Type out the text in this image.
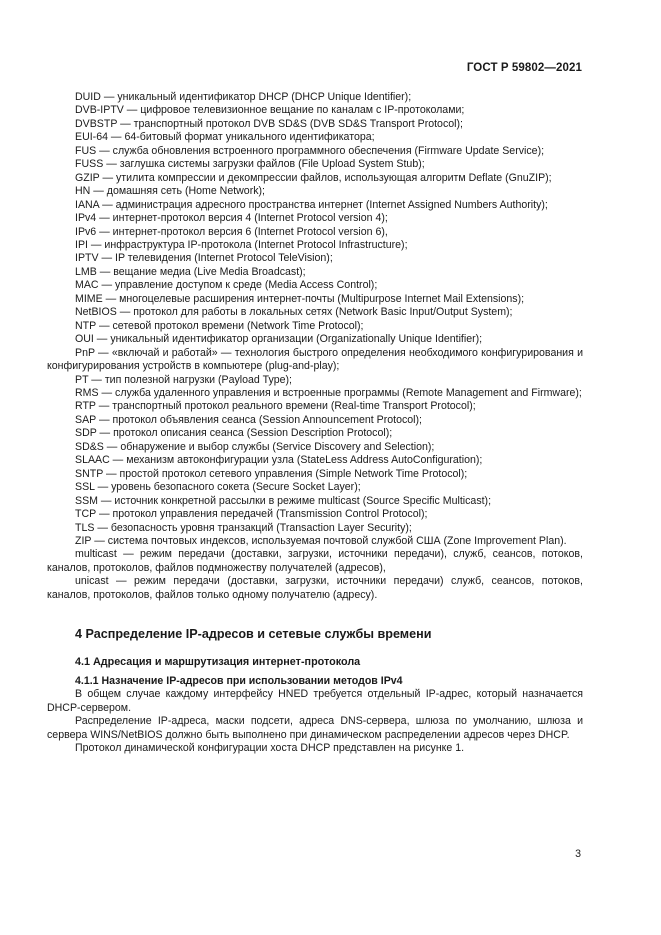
ГОСТ Р 59802—2021

DUID — уникальный идентификатор DHCP (DHCP Unique Identifier);

DVB-IPTV — цифровое телевизионное вещание по каналам с IP-протоколами;

DVBSTP — транспортный протокол DVB SD&S (DVB SD&S Transport Protocol);

EUI-64 — 64-битовый формат уникального идентификатора;

FUS — служба обновления встроенного программного обеспечения (Firmware Update Service);

FUSS — заглушка системы загрузки файлов (File Upload System Stub);

GZIP — утилита компрессии и декомпрессии файлов, использующая алгоритм Deflate (GnuZIP);

HN — домашняя сеть (Home Network);

IANA — администрация адресного пространства интернет (Internet Assigned Numbers Authority);

IPv4 — интернет-протокол версия 4 (Internet Protocol version 4);

IPv6 — интернет-протокол версия 6 (Internet Protocol version 6),

IPI — инфраструктура IP-протокола (Internet Protocol Infrastructure);

IPTV — IP телевидения (Internet Protocol TeleVision);

LMB — вещание медиа (Live Media Broadcast);

MAC — управление доступом к среде (Media Access Control);

MIME — многоцелевые расширения интернет-почты (Multipurpose Internet Mail Extensions);

NetBIOS — протокол для работы в локальных сетях (Network Basic Input/Output System);

NTP — сетевой протокол времени (Network Time Protocol);

OUI — уникальный идентификатор организации (Organizationally Unique Identifier);

PnP — «включай и работай» — технология быстрого определения необходимого конфигурирования и конфигурирования устройств в компьютере (plug-and-play);

PT — тип полезной нагрузки (Payload Type);

RMS — служба удаленного управления и встроенные программы (Remote Management and Firmware);

RTP — транспортный протокол реального времени (Real-time Transport Protocol);

SAP — протокол объявления сеанса (Session Announcement Protocol);

SDP — протокол описания сеанса (Session Description Protocol);

SD&S — обнаружение и выбор службы (Service Discovery and Selection);

SLAAC — механизм автоконфигурации узла (StateLess Address AutoConfiguration);

SNTP — простой протокол сетевого управления (Simple Network Time Protocol);

SSL — уровень безопасного сокета (Secure Socket Layer);

SSM — источник конкретной рассылки в режиме multicast (Source Specific Multicast);

TCP — протокол управления передачей (Transmission Control Protocol);

TLS — безопасность уровня транзакций (Transaction Layer Security);

ZIP — система почтовых индексов, используемая почтовой службой США (Zone Improvement Plan).

multicast — режим передачи (доставки, загрузки, источники передачи), служб, сеансов, потоков, каналов, протоколов, файлов подмножеству получателей (адресов),

unicast — режим передачи (доставки, загрузки, источники передачи) служб, сеансов, потоков, каналов, протоколов, файлов только одному получателю (адресу).

4 Распределение IP-адресов и сетевые службы времени
4.1 Адресация и маршрутизация интернет-протокола

4.1.1 Назначение IP-адресов при использовании методов IPv4

В общем случае каждому интерфейсу HNED требуется отдельный IP-адрес, который назначается DHCP-сервером.

Распределение IP-адреса, маски подсети, адреса DNS-сервера, шлюза по умолчанию, шлюза и сервера WINS/NetBIOS должно быть выполнено при динамическом распределении адресов через DHCP.

Протокол динамической конфигурации хоста DHCP представлен на рисунке 1.

3
